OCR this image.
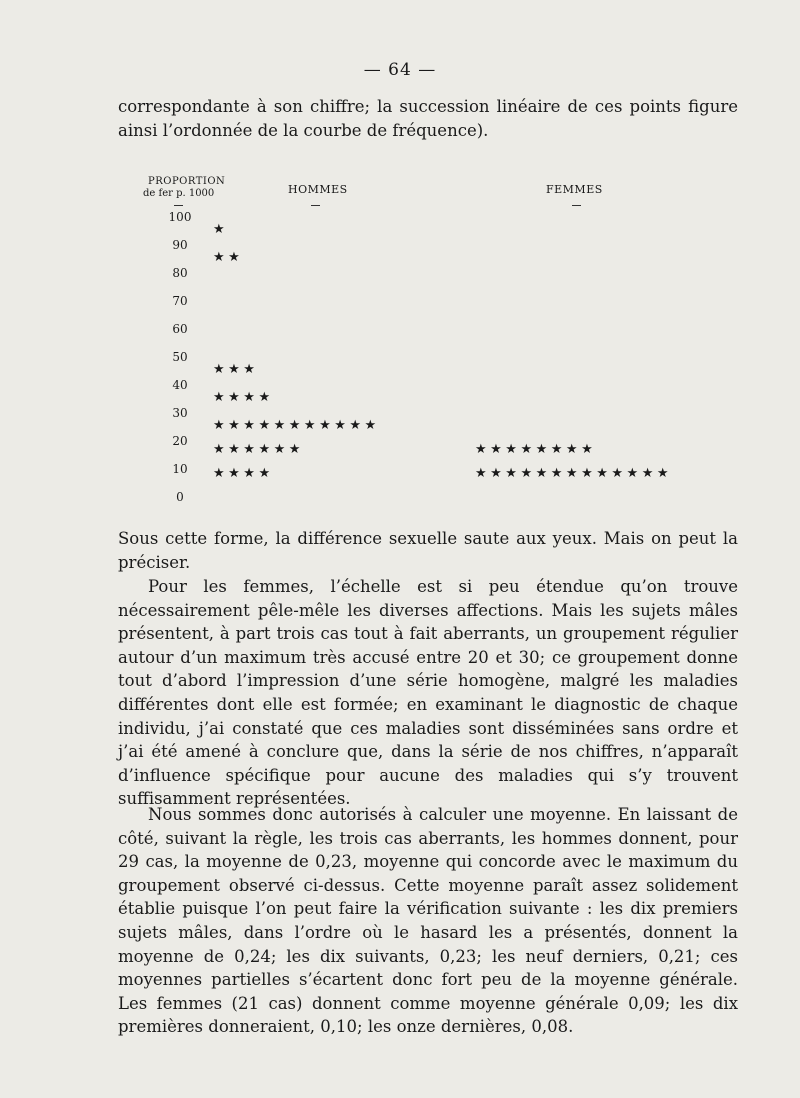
— 64 —

correspondante à son chiffre; la succession linéaire de ces points figure ainsi l’ordonnée de la courbe de fréquence).

PROPORTION
de fer p. 1000	HOMMES	FEMMES
100
90
80
70
60
50
40
30
20
10
0
★
★★
★★★
★★★★
★★★★★★★★★★★
★★★★★★
★★★★
★★★★★★★★
★★★★★★★★★★★★★

Sous cette forme, la différence sexuelle saute aux yeux. Mais on peut la préciser.

Pour les femmes, l’échelle est si peu étendue qu’on trouve nécessairement pêle-mêle les diverses affections. Mais les sujets mâles présentent, à part trois cas tout à fait aberrants, un groupement régulier autour d’un maximum très accusé entre 20 et 30; ce groupement donne tout d’abord l’impression d’une série homogène, malgré les maladies différentes dont elle est formée; en examinant le diagnostic de chaque individu, j’ai constaté que ces maladies sont disséminées sans ordre et j’ai été amené à conclure que, dans la série de nos chiffres, n’apparaît d’influence spécifique pour aucune des maladies qui s’y trouvent suffisamment représentées.

Nous sommes donc autorisés à calculer une moyenne. En laissant de côté, suivant la règle, les trois cas aberrants, les hommes donnent, pour 29 cas, la moyenne de 0,23, moyenne qui concorde avec le maximum du groupement observé ci-dessus. Cette moyenne paraît assez solidement établie puisque l’on peut faire la vérification suivante : les dix premiers sujets mâles, dans l’ordre où le hasard les a présentés, donnent la moyenne de 0,24; les dix suivants, 0,23; les neuf derniers, 0,21; ces moyennes partielles s’écartent donc fort peu de la moyenne générale. Les femmes (21 cas) donnent comme moyenne générale 0,09; les dix premières donneraient, 0,10; les onze dernières, 0,08.
